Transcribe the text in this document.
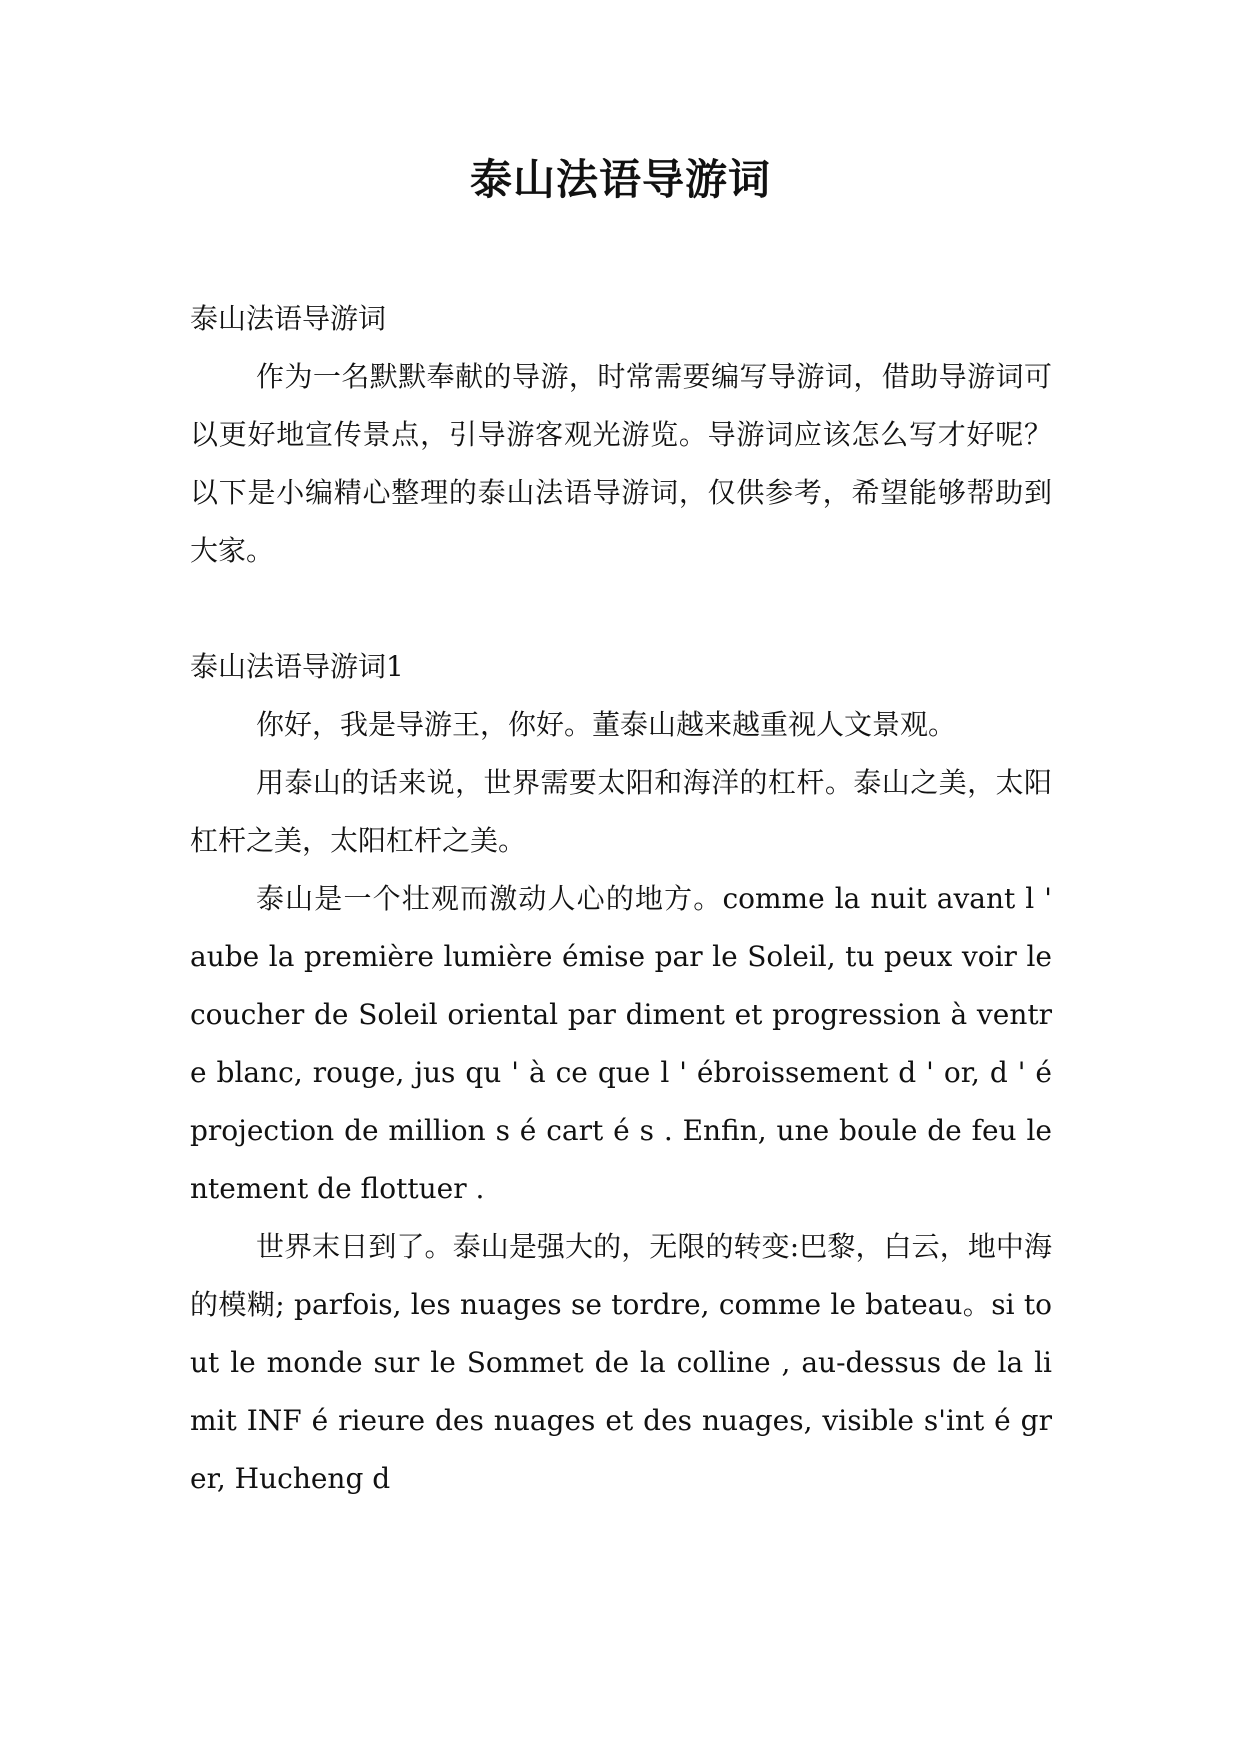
泰山法语导游词

泰山法语导游词

作为一名默默奉献的导游，时常需要编写导游词，借助导游词可以更好地宣传景点，引导游客观光游览。导游词应该怎么写才好呢？以下是小编精心整理的泰山法语导游词，仅供参考，希望能够帮助到大家。

泰山法语导游词1

你好，我是导游王，你好。董泰山越来越重视人文景观。

用泰山的话来说，世界需要太阳和海洋的杠杆。泰山之美，太阳杠杆之美，太阳杠杆之美。

泰山是一个壮观而激动人心的地方。comme la nuit avant l ' aube la première lumière émise par le Soleil, tu peux voir le coucher de Soleil oriental par diment et progression à ventre blanc, rouge, jus qu ' à ce que l ' ébroissement d ' or, d ' é projection de million s é cart é s . Enfin, une boule de feu lentement de flottuer .

世界末日到了。泰山是强大的，无限的转变:巴黎，白云，地中海的模糊; parfois, les nuages se tordre, comme le bateau。si tout le monde sur le Sommet de la colline , au-dessus de la limit INF é rieure des nuages et des nuages, visible s'int é grer, Hucheng d
